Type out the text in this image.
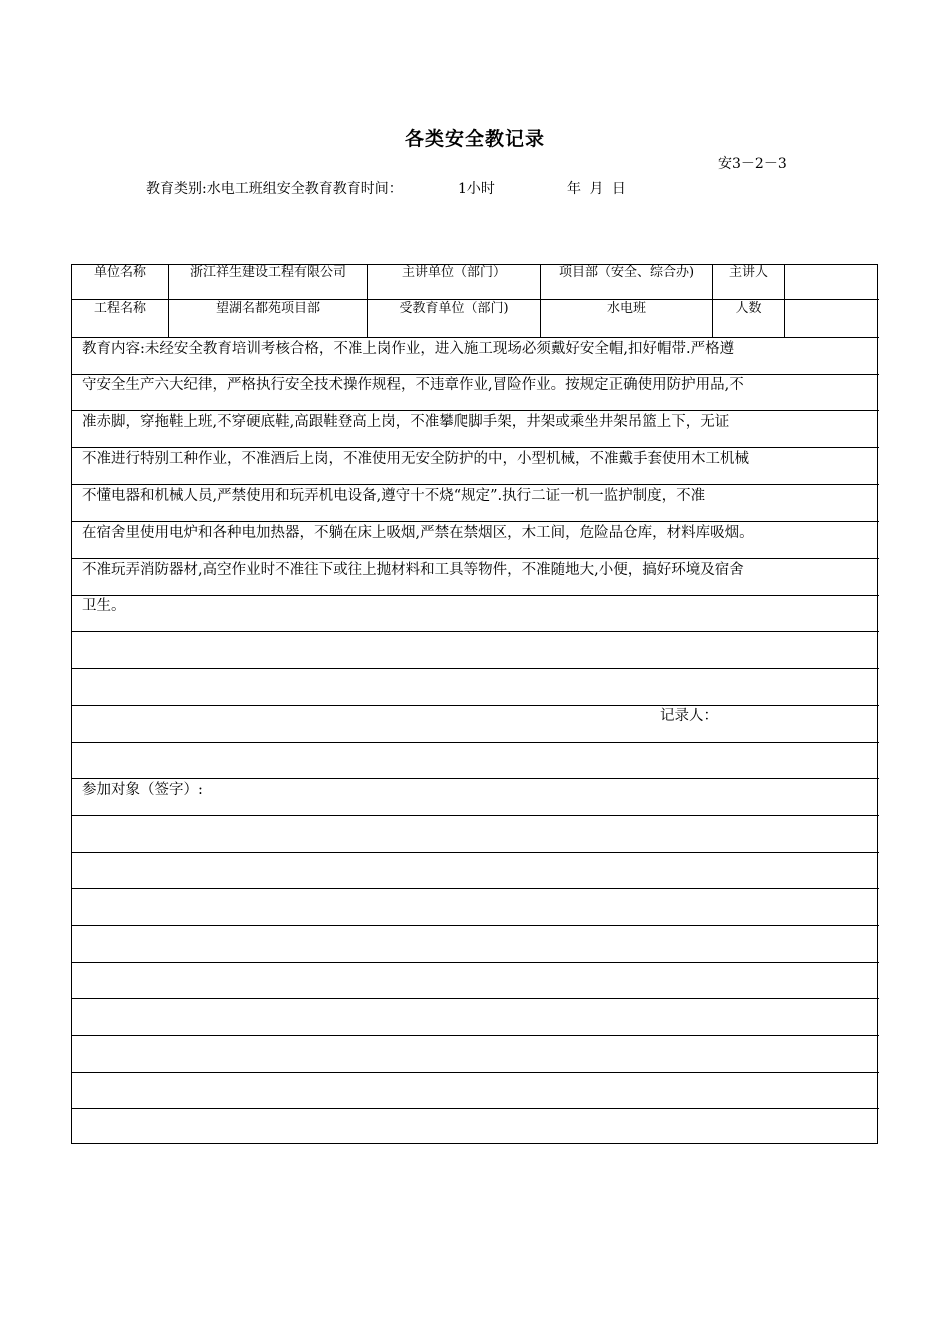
各类安全教记录
安3－2－3
教育类别:水电工班组安全教育教育时间：	1小时	年 月 日
单位名称	浙江祥生建设工程有限公司	主讲单位（部门）	项目部（安全、综合办)	主讲人
工程名称	望湖名都苑项目部	受教育单位（部门)	水电班	人数
教育内容:未经安全教育培训考核合格，不准上岗作业，进入施工现场必须戴好安全帽,扣好帽带.严格遵
守安全生产六大纪律，严格执行安全技术操作规程，不违章作业,冒险作业。按规定正确使用防护用品,不
准赤脚，穿拖鞋上班,不穿硬底鞋,高跟鞋登高上岗，不准攀爬脚手架，井架或乘坐井架吊篮上下，无证
不准进行特别工种作业，不准酒后上岗，不准使用无安全防护的中，小型机械，不准戴手套使用木工机械
不懂电器和机械人员,严禁使用和玩弄机电设备,遵守十不烧“规定”.执行二证一机一监护制度，不准
在宿舍里使用电炉和各种电加热器，不躺在床上吸烟,严禁在禁烟区，木工间，危险品仓库，材料库吸烟。
不准玩弄消防器材,高空作业时不准往下或往上抛材料和工具等物件，不准随地大,小便，搞好环境及宿舍
卫生。
记录人：
参加对象（签字）:
